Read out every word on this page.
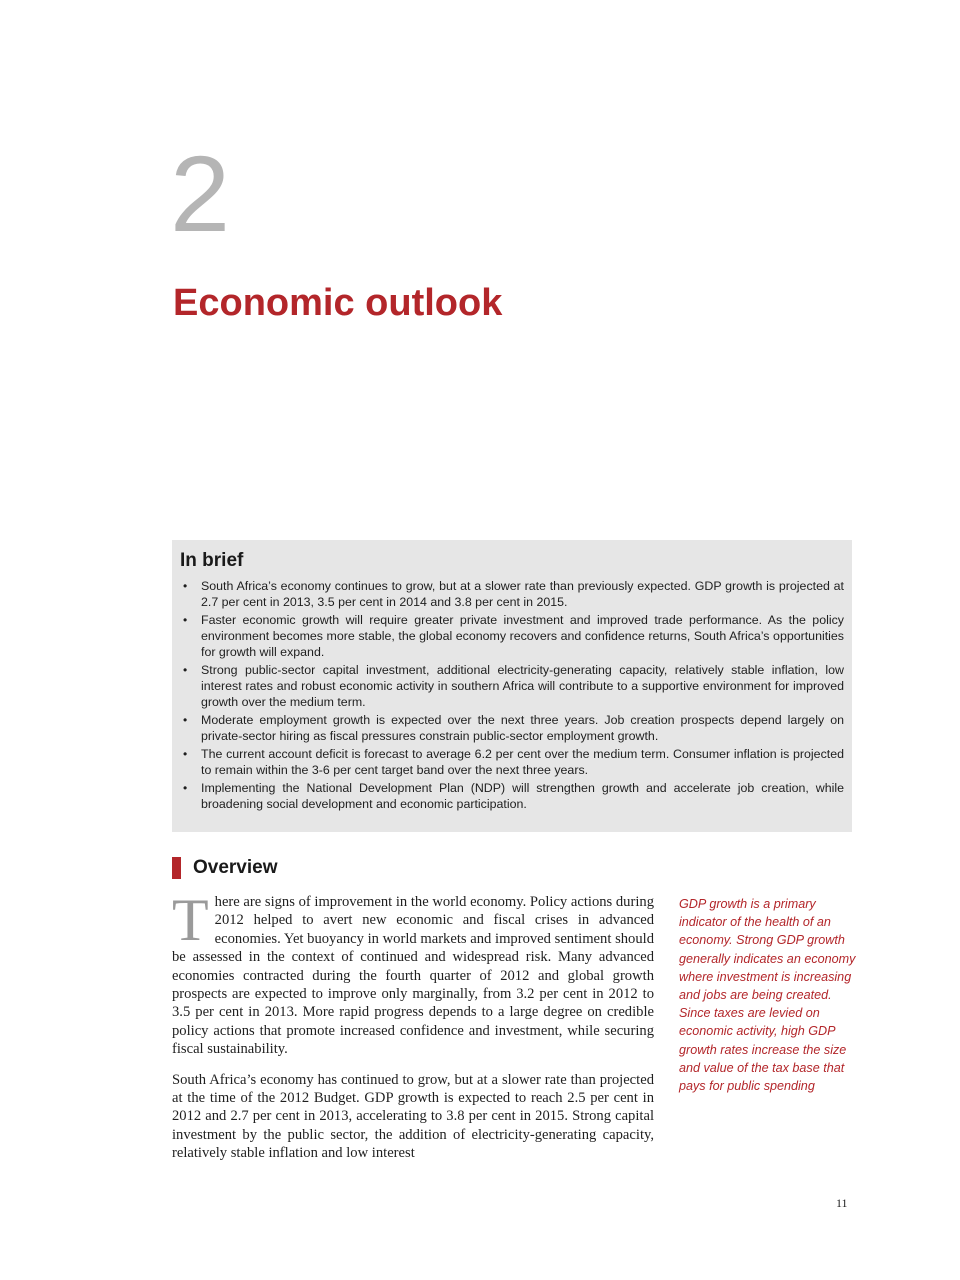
2
Economic outlook
In brief
• South Africa’s economy continues to grow, but at a slower rate than previously expected. GDP growth is projected at 2.7 per cent in 2013, 3.5 per cent in 2014 and 3.8 per cent in 2015.
• Faster economic growth will require greater private investment and improved trade performance. As the policy environment becomes more stable, the global economy recovers and confidence returns, South Africa’s opportunities for growth will expand.
• Strong public-sector capital investment, additional electricity-generating capacity, relatively stable inflation, low interest rates and robust economic activity in southern Africa will contribute to a supportive environment for improved growth over the medium term.
• Moderate employment growth is expected over the next three years. Job creation prospects depend largely on private-sector hiring as fiscal pressures constrain public-sector employment growth.
• The current account deficit is forecast to average 6.2 per cent over the medium term. Consumer inflation is projected to remain within the 3-6 per cent target band over the next three years.
• Implementing the National Development Plan (NDP) will strengthen growth and accelerate job creation, while broadening social development and economic participation.
Overview

There are signs of improvement in the world economy. Policy actions during 2012 helped to avert new economic and fiscal crises in advanced economies. Yet buoyancy in world markets and improved sentiment should be assessed in the context of continued and widespread risk. Many advanced economies contracted during the fourth quarter of 2012 and global growth prospects are expected to improve only marginally, from 3.2 per cent in 2012 to 3.5 per cent in 2013. More rapid progress depends to a large degree on credible policy actions that promote increased confidence and investment, while securing fiscal sustainability.

South Africa’s economy has continued to grow, but at a slower rate than projected at the time of the 2012 Budget. GDP growth is expected to reach 2.5 per cent in 2012 and 2.7 per cent in 2013, accelerating to 3.8 per cent in 2015. Strong capital investment by the public sector, the addition of electricity-generating capacity, relatively stable inflation and low interest

GDP growth is a primary indicator of the health of an economy. Strong GDP growth generally indicates an economy where investment is increasing and jobs are being created. Since taxes are levied on economic activity, high GDP growth rates increase the size and value of the tax base that pays for public spending
11
